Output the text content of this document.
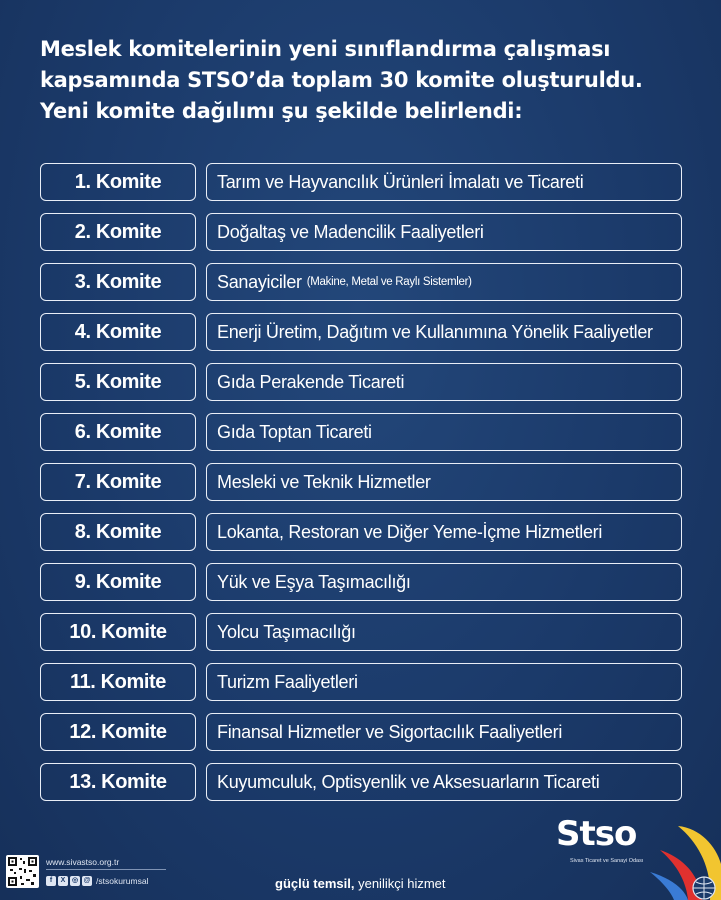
Meslek komitelerinin yeni sınıflandırma çalışması
kapsamında STSO’da toplam 30 komite oluşturuldu.
Yeni komite dağılımı şu şekilde belirlendi:
1. Komite	Tarım ve Hayvancılık Ürünleri İmalatı ve Ticareti
2. Komite	Doğaltaş ve Madencilik Faaliyetleri
3. Komite	Sanayiciler (Makine, Metal ve Raylı Sistemler)
4. Komite	Enerji Üretim, Dağıtım ve Kullanımına Yönelik Faaliyetler
5. Komite	Gıda Perakende Ticareti
6. Komite	Gıda Toptan Ticareti
7. Komite	Mesleki ve Teknik Hizmetler
8. Komite	Lokanta, Restoran ve Diğer Yeme-İçme Hizmetleri
9. Komite	Yük ve Eşya Taşımacılığı
10. Komite	Yolcu Taşımacılığı
11. Komite	Turizm Faaliyetleri
12. Komite	Finansal Hizmetler ve Sigortacılık Faaliyetleri
13. Komite	Kuyumculuk, Optisyenlik ve Aksesuarların Ticareti
www.sivastso.org.tr
f	X ◎ @ /stsokurumsal	güçlü temsil, yenilikçi hizmet
Stso
Sivas Ticaret ve Sanayi Odası
